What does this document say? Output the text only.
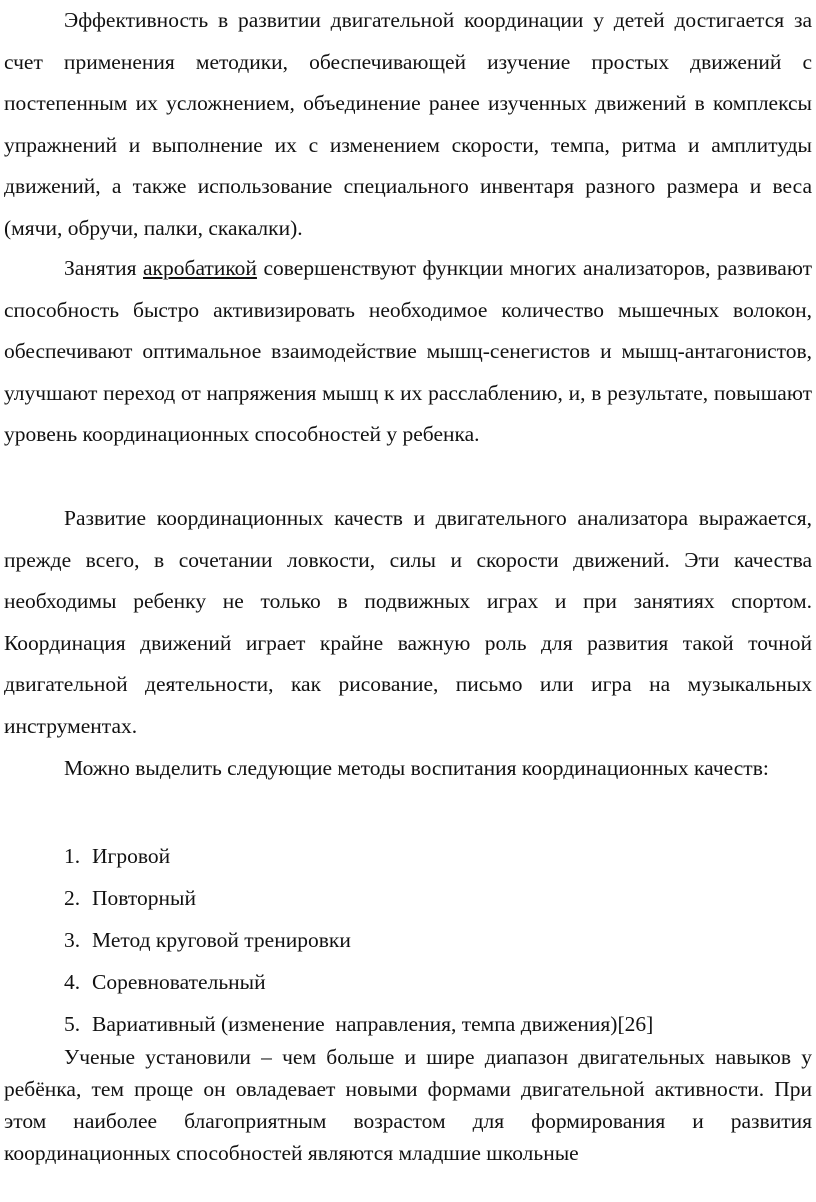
Эффективность в развитии двигательной координации у детей достигается за счет применения методики, обеспечивающей изучение простых движений с постепенным их усложнением, объединение ранее изученных движений в комплексы упражнений и выполнение их с изменением скорости, темпа, ритма и амплитуды движений, а также использование специального инвентаря разного размера и веса (мячи, обручи, палки, скакалки).

Занятия акробатикой совершенствуют функции многих анализаторов, развивают способность быстро активизировать необходимое количество мышечных волокон, обеспечивают оптимальное взаимодействие мышц-сенегистов и мышц-антагонистов, улучшают переход от напряжения мышц к их расслаблению, и, в результате, повышают уровень координационных способностей у ребенка.

Развитие координационных качеств и двигательного анализатора выражается, прежде всего, в сочетании ловкости, силы и скорости движений. Эти качества необходимы ребенку не только в подвижных играх и при занятиях спортом. Координация движений играет крайне важную роль для развития такой точной двигательной деятельности, как рисование, письмо или игра на музыкальных инструментах.

Можно выделить следующие методы воспитания координационных качеств:

1. Игровой
2. Повторный
3. Метод круговой тренировки
4. Соревновательный
5. Вариативный (изменение  направления, темпа движения)[26]

Ученые установили – чем больше и шире диапазон двигательных навыков у ребёнка, тем проще он овладевает новыми формами двигательной активности. При этом наиболее благоприятным возрастом для формирования и развития координационных способностей являются младшие школьные
